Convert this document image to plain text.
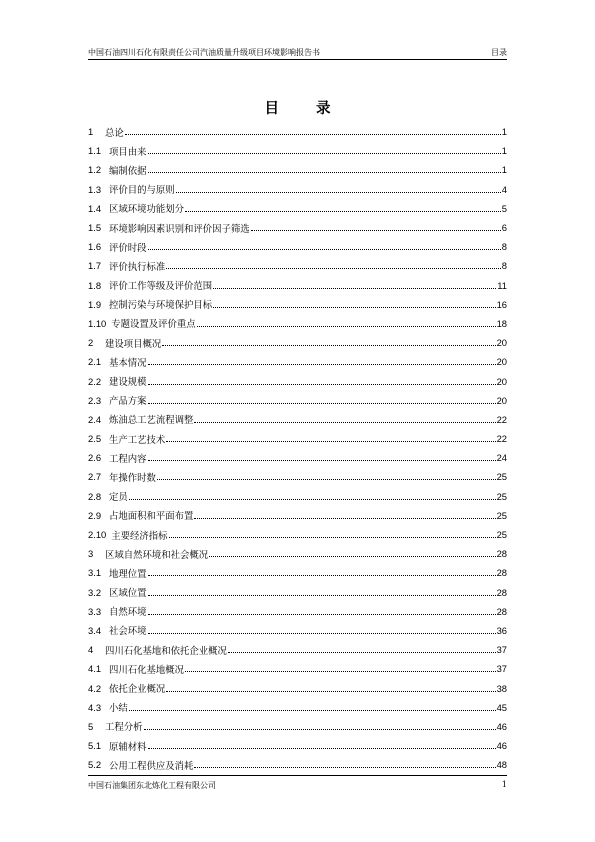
中国石油四川石化有限责任公司汽油质量升级项目环境影响报告书	目录
目 录
1	总论	1
1.1 项目由来	1
1.2 编制依据	1
1.3 评价目的与原则	4
1.4 区域环境功能划分	5
1.5 环境影响因素识别和评价因子筛选	6
1.6 评价时段	8
1.7 评价执行标准	8
1.8 评价工作等级及评价范围	11
1.9 控制污染与环境保护目标	16
1.10 专题设置及评价重点	18
2	建设项目概况	20
2.1 基本情况	20
2.2 建设规模	20
2.3 产品方案	20
2.4 炼油总工艺流程调整	22
2.5 生产工艺技术	22
2.6 工程内容	24
2.7 年操作时数	25
2.8 定员	25
2.9 占地面积和平面布置	25
2.10 主要经济指标	25
3	区域自然环境和社会概况	28
3.1 地理位置	28
3.2 区域位置	28
3.3 自然环境	28
3.4 社会环境	36
4	四川石化基地和依托企业概况	37
4.1 四川石化基地概况	37
4.2 依托企业概况	38
4.3 小结	45
5	工程分析	46
5.1 原辅材料	46
5.2 公用工程供应及消耗	48
中国石油集团东北炼化工程有限公司	1
